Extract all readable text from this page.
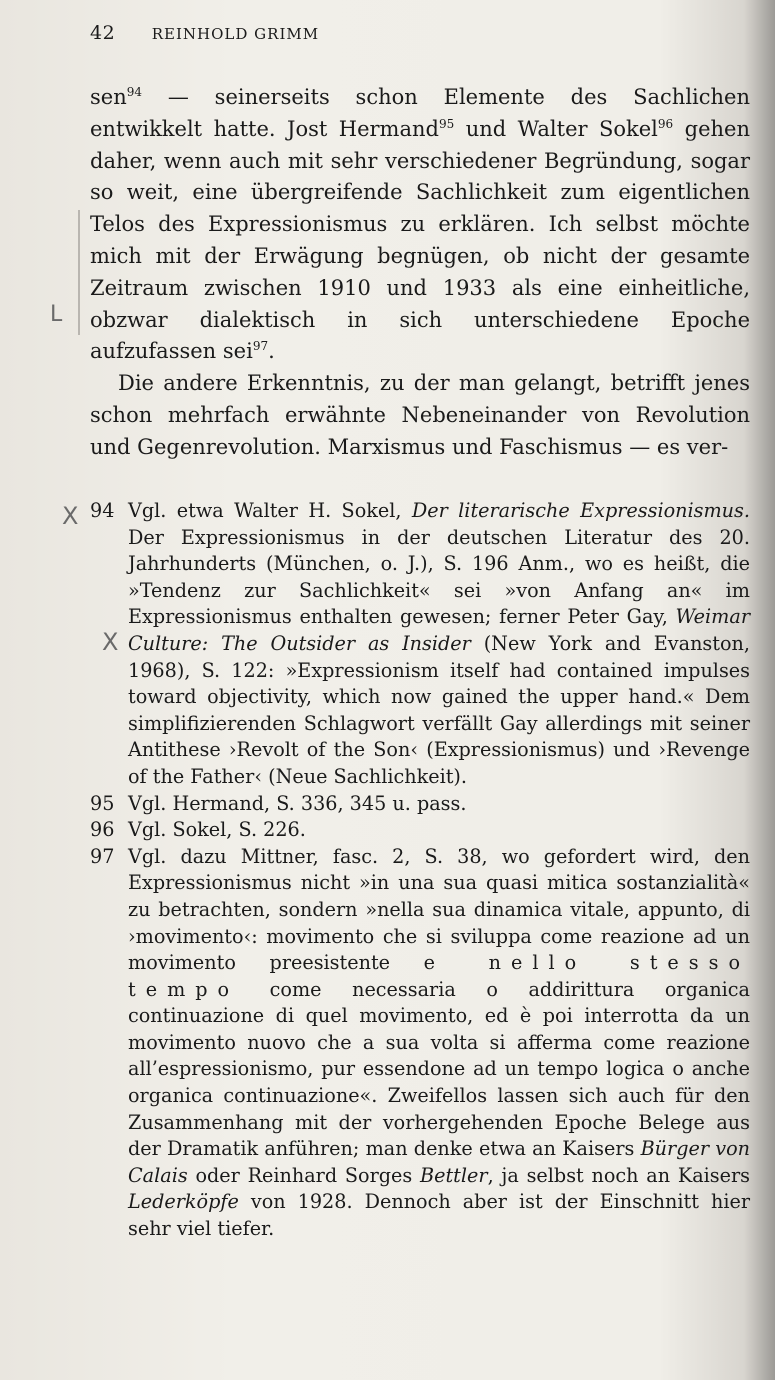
L
42 REINHOLD GRIMM

sen$^{94}$ — seinerseits schon Elemente des Sachlichen entwikkelt hatte. Jost Hermand$^{95}$ und Walter Sokel$^{96}$ gehen daher, wenn auch mit sehr verschiedener Begründung, sogar so weit, eine übergreifende Sachlichkeit zum eigentlichen Telos des Expressionismus zu erklären. Ich selbst möchte mich mit der Erwägung begnügen, ob nicht der gesamte Zeitraum zwischen 1910 und 1933 als eine einheitliche, obzwar dialektisch in sich unterschiedene Epoche aufzufassen sei$^{97}$.

Die andere Erkenntnis, zu der man gelangt, betrifft jenes schon mehrfach erwähnte Nebeneinander von Revolution und Gegenrevolution. Marxismus und Faschismus — es ver-

X
X
94 Vgl. etwa Walter H. Sokel, Der literarische Expressionismus. Der Expressionismus in der deutschen Literatur des 20. Jahrhunderts (München, o. J.), S. 196 Anm., wo es heißt, die »Tendenz zur Sachlichkeit« sei »von Anfang an« im Expressionismus enthalten gewesen; ferner Peter Gay, Weimar Culture: The Outsider as Insider (New York and Evanston, 1968), S. 122: »Expressionism itself had contained impulses toward objectivity, which now gained the upper hand.« Dem simplifizierenden Schlagwort verfällt Gay allerdings mit seiner Antithese ›Revolt of the Son‹ (Expressionismus) und ›Revenge of the Father‹ (Neue Sachlichkeit).
95 Vgl. Hermand, S. 336, 345 u. pass.
96 Vgl. Sokel, S. 226.
97 Vgl. dazu Mittner, fasc. 2, S. 38, wo gefordert wird, den Expressionismus nicht »in una sua quasi mitica sostanzialità« zu betrachten, sondern »nella sua dinamica vitale, appunto, di ›movimento‹: movimento che si sviluppa come reazione ad un movimento preesistente e nello stesso tempo come necessaria o addirittura organica continuazione di quel movimento, ed è poi interrotta da un movimento nuovo che a sua volta si afferma come reazione all’espressionismo, pur essendone ad un tempo logica o anche organica continuazione«. Zweifellos lassen sich auch für den Zusammenhang mit der vorhergehenden Epoche Belege aus der Dramatik anführen; man denke etwa an Kaisers Bürger von Calais oder Reinhard Sorges Bettler, ja selbst noch an Kaisers Lederköpfe von 1928. Dennoch aber ist der Einschnitt hier sehr viel tiefer.
